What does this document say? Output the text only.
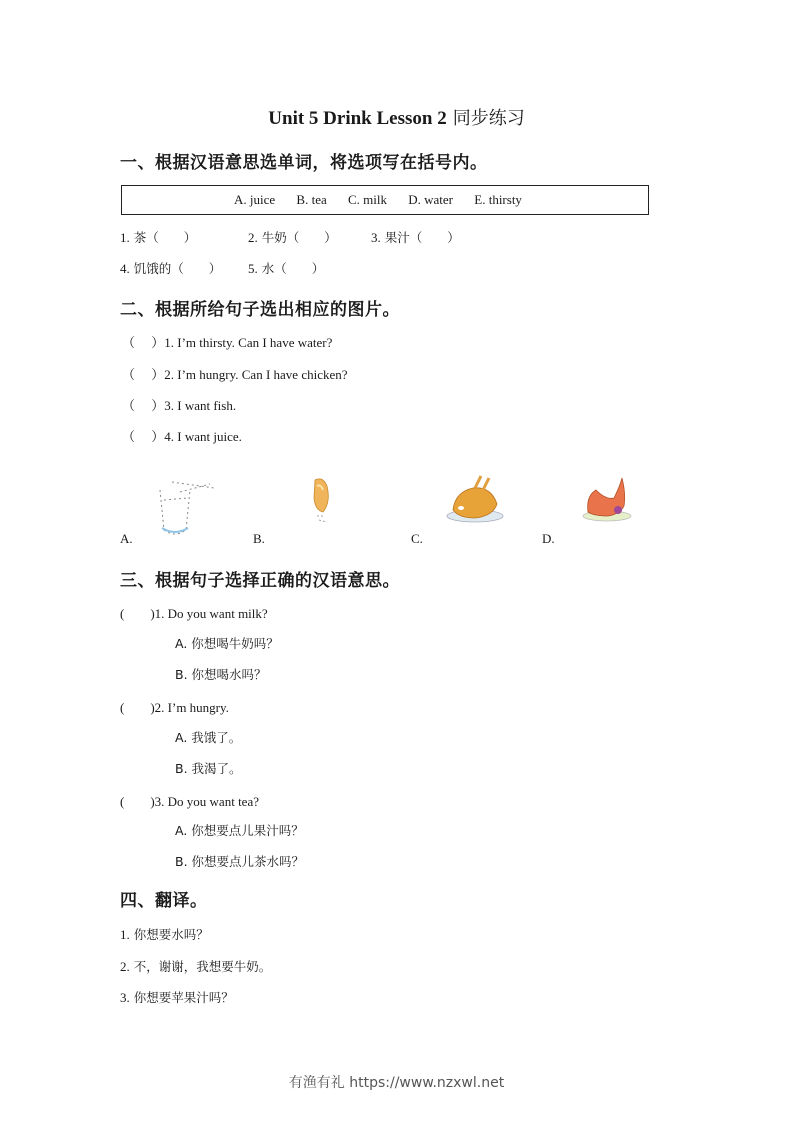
Unit 5 Drink Lesson 2 同步练习
一、根据汉语意思选单词，将选项写在括号内。
A. juice B. tea C. milk D. water E. thirsty
1. 茶（　　）	2. 牛奶（　　）	3. 果汁（　　）
4. 饥饿的（　　） 5. 水（　　）
二、根据所给句子选出相应的图片。
（　 ）1. I’m thirsty. Can I have water?
（　 ）2. I’m hungry. Can I have chicken?
（　 ）3. I want fish.
（　 ）4. I want juice.
A.	B.	C.	D.
三、根据句子选择正确的汉语意思。
(　　)1. Do you want milk?
A. 你想喝牛奶吗？
B. 你想喝水吗？
(　　)2. I’m hungry.
A. 我饿了。
B. 我渴了。
(　　)3. Do you want tea?
A. 你想要点儿果汁吗？
B. 你想要点儿茶水吗？
四、翻译。
1. 你想要水吗？
2. 不，谢谢，我想要牛奶。
3. 你想要苹果汁吗？
有渔有礼 https://www.nzxwl.net
